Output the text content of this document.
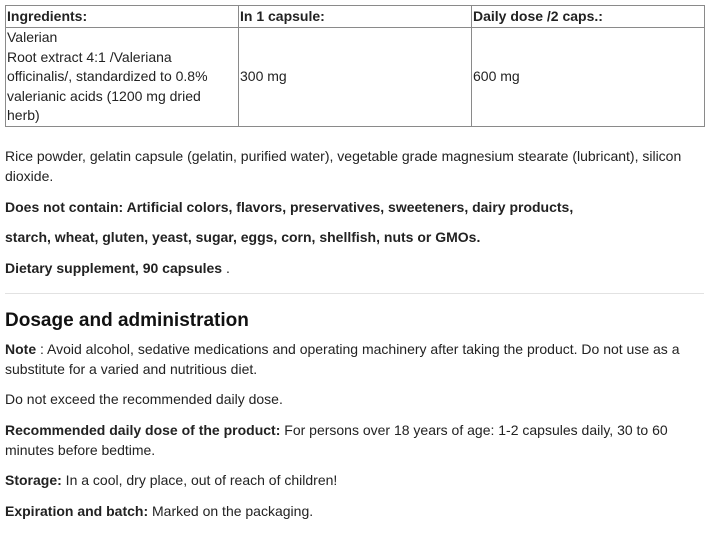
Ingredients:	In 1 capsule:	Daily dose /2 caps.:

Valerian
Root extract 4:1 /Valeriana
officinalis/, standardized to 0.8%
valerianic acids (1200 mg dried
herb)	300 mg	600 mg

Rice powder, gelatin capsule (gelatin, purified water), vegetable grade magnesium stearate (lubricant), silicon dioxide.

Does not contain: Artificial colors, flavors, preservatives, sweeteners, dairy products,

starch, wheat, gluten, yeast, sugar, eggs, corn, shellfish, nuts or GMOs.

Dietary supplement, 90 capsules .

Dosage and administration

Note : Avoid alcohol, sedative medications and operating machinery after taking the product. Do not use as a substitute for a varied and nutritious diet.

Do not exceed the recommended daily dose.

Recommended daily dose of the product: For persons over 18 years of age: 1-2 capsules daily, 30 to 60 minutes before bedtime.

Storage: In a cool, dry place, out of reach of children!

Expiration and batch: Marked on the packaging.
